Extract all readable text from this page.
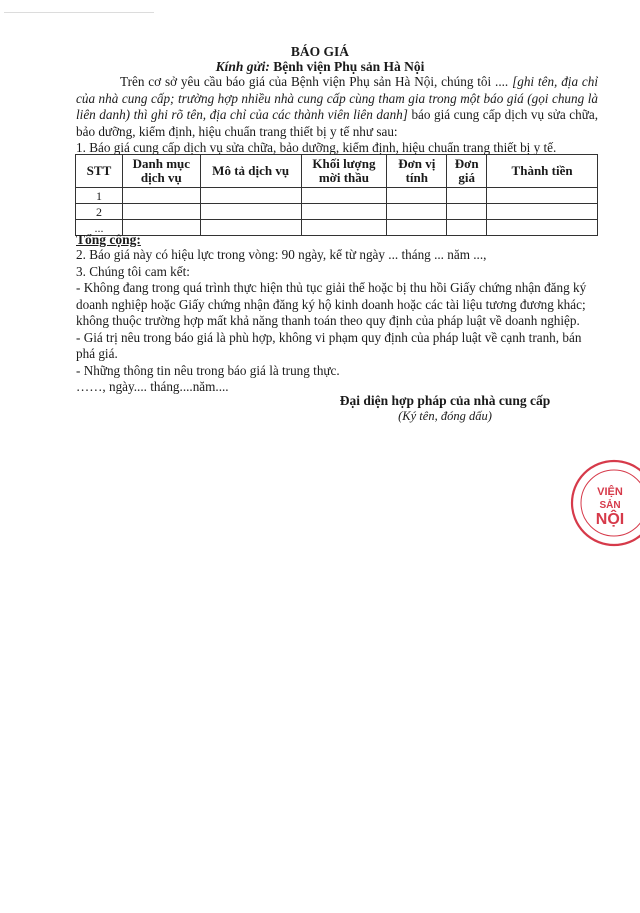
BÁO GIÁ
Kính gửi: Bệnh viện Phụ sản Hà Nội
Trên cơ sở yêu cầu báo giá của Bệnh viện Phụ sản Hà Nội, chúng tôi .... [ghi tên, địa chỉ của nhà cung cấp; trường hợp nhiều nhà cung cấp cùng tham gia trong một báo giá (gọi chung là liên danh) thì ghi rõ tên, địa chỉ của các thành viên liên danh] báo giá cung cấp dịch vụ sửa chữa, bảo dưỡng, kiểm định, hiệu chuẩn trang thiết bị y tế như sau:
1. Báo giá cung cấp dịch vụ sửa chữa, bảo dưỡng, kiểm định, hiệu chuẩn trang thiết bị y tế.
STT	Danh mục dịch vụ	Mô tả dịch vụ	Khối lượng mời thầu	Đơn vị tính	Đơn giá	Thành tiền
1						
2						
...						
Tổng cộng:

2. Báo giá này có hiệu lực trong vòng: 90 ngày, kể từ ngày ... tháng ... năm ...,

3. Chúng tôi cam kết:

- Không đang trong quá trình thực hiện thủ tục giải thể hoặc bị thu hồi Giấy chứng nhận đăng ký doanh nghiệp hoặc Giấy chứng nhận đăng ký hộ kinh doanh hoặc các tài liệu tương đương khác; không thuộc trường hợp mất khả năng thanh toán theo quy định của pháp luật về doanh nghiệp.

- Giá trị nêu trong báo giá là phù hợp, không vi phạm quy định của pháp luật về cạnh tranh, bán phá giá.

- Những thông tin nêu trong báo giá là trung thực.

……, ngày.... tháng....năm....

Đại diện hợp pháp của nhà cung cấp
(Ký tên, đóng dấu)
VIỆN
SẢN
NỘI
